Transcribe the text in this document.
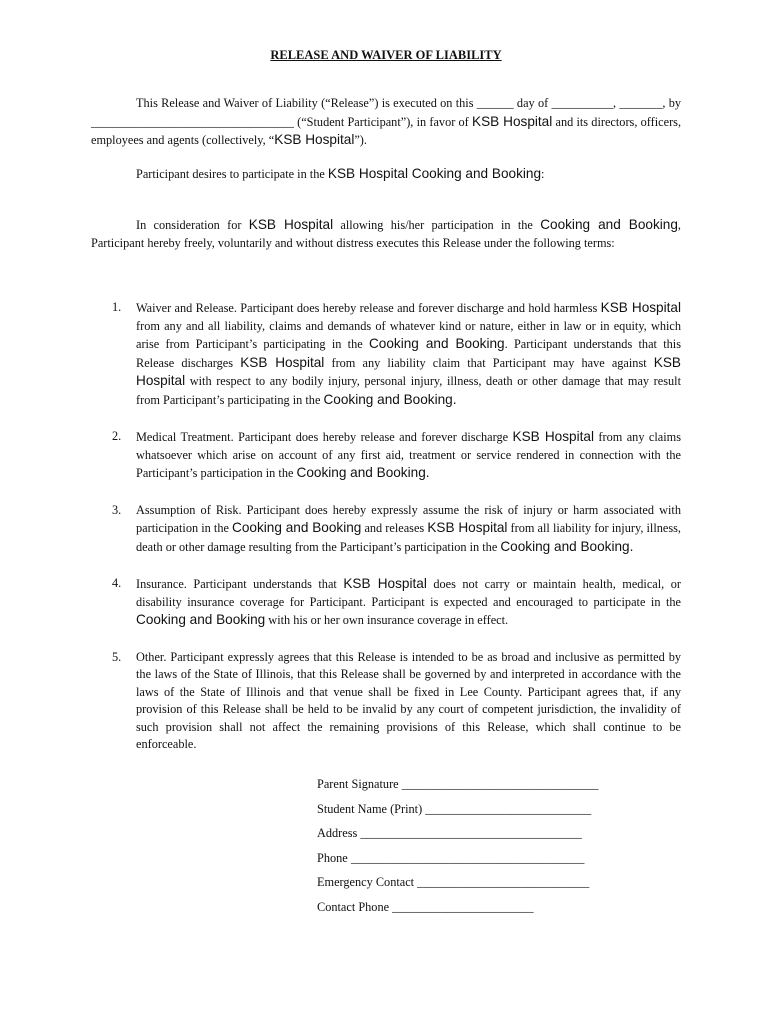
RELEASE AND WAIVER OF LIABILITY
This Release and Waiver of Liability (“Release”) is executed on this ______ day of __________, _______, by _________________________________ (“Student Participant”), in favor of KSB Hospital and its directors, officers, employees and agents (collectively, “KSB Hospital”).
Participant desires to participate in the KSB Hospital Cooking and Booking:
In consideration for KSB Hospital allowing his/her participation in the Cooking and Booking, Participant hereby freely, voluntarily and without distress executes this Release under the following terms:
1. Waiver and Release. Participant does hereby release and forever discharge and hold harmless KSB Hospital from any and all liability, claims and demands of whatever kind or nature, either in law or in equity, which arise from Participant’s participating in the Cooking and Booking. Participant understands that this Release discharges KSB Hospital from any liability claim that Participant may have against KSB Hospital with respect to any bodily injury, personal injury, illness, death or other damage that may result from Participant’s participating in the Cooking and Booking.
2. Medical Treatment. Participant does hereby release and forever discharge KSB Hospital from any claims whatsoever which arise on account of any first aid, treatment or service rendered in connection with the Participant’s participation in the Cooking and Booking.
3. Assumption of Risk. Participant does hereby expressly assume the risk of injury or harm associated with participation in the Cooking and Booking and releases KSB Hospital from all liability for injury, illness, death or other damage resulting from the Participant’s participation in the Cooking and Booking.
4. Insurance. Participant understands that KSB Hospital does not carry or maintain health, medical, or disability insurance coverage for Participant. Participant is expected and encouraged to participate in the Cooking and Booking with his or her own insurance coverage in effect.
5. Other. Participant expressly agrees that this Release is intended to be as broad and inclusive as permitted by the laws of the State of Illinois, that this Release shall be governed by and interpreted in accordance with the laws of the State of Illinois and that venue shall be fixed in Lee County. Participant agrees that, if any provision of this Release shall be held to be invalid by any court of competent jurisdiction, the invalidity of such provision shall not affect the remaining provisions of this Release, which shall continue to be enforceable.
Parent Signature ________________________________
Student Name (Print) ___________________________
Address ____________________________________
Phone ______________________________________
Emergency Contact ____________________________
Contact Phone _______________________
